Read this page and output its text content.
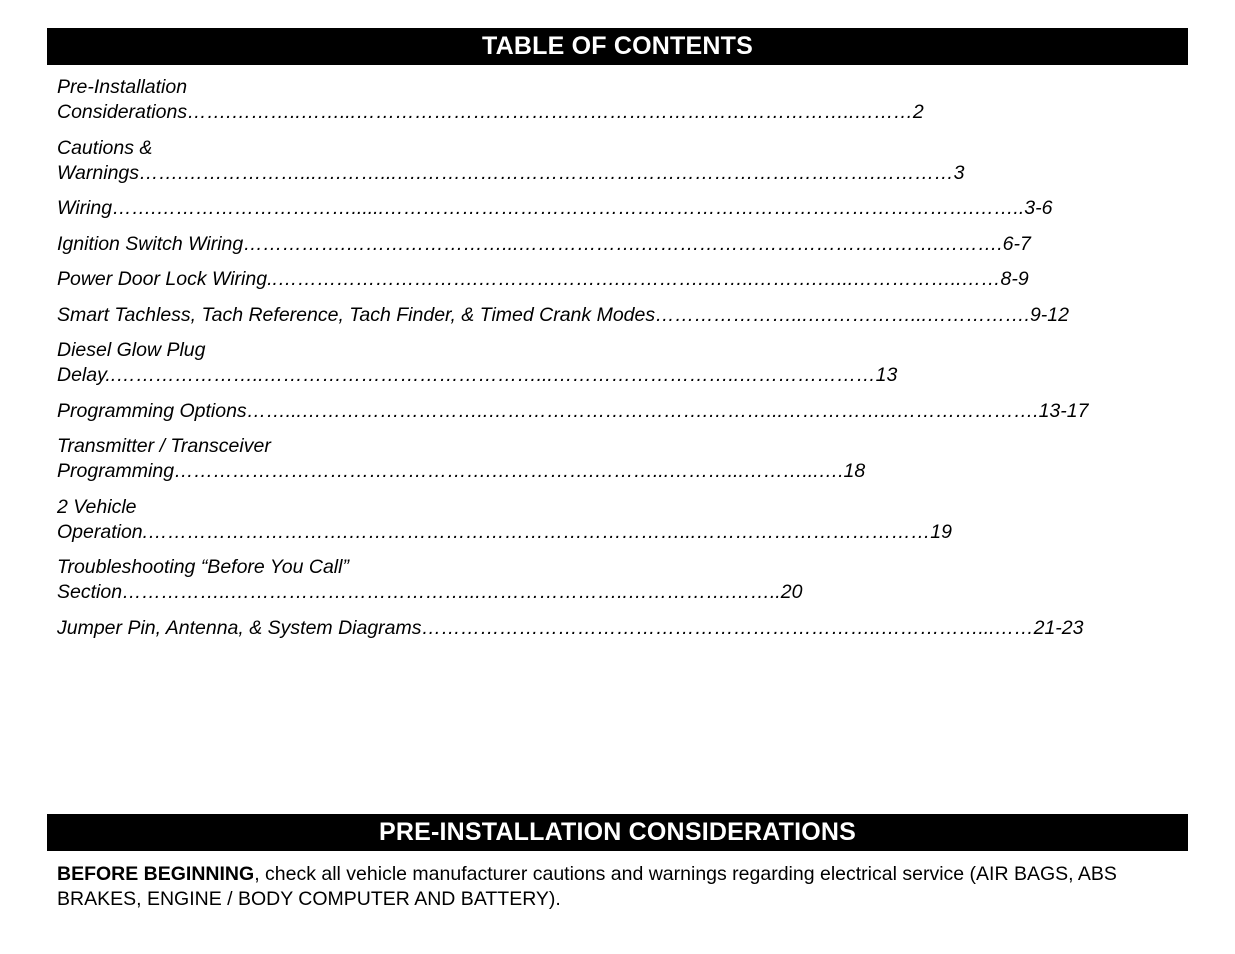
TABLE OF CONTENTS
Pre-Installation
Considerations…….………..……...…………………………………………………………………..………2
Cautions &
Warnings…….………………...….……...….…………………………………………………………….…………3
Wiring…….…………………………......……………………………………………………………………………….……..3-6
Ignition Switch Wiring…………….……………………...……………….……………………………………….……….6-7
Power Door Lock Wiring..………………………….………………….………….……..……….…...……………..……8-9
Smart Tachless, Tach Reference, Tach Finder, & Timed Crank Modes…………………...….…………...…………….9-12
Diesel Glow Plug
Delay..…………………..……………………………………...………………………..…………………13
Programming Options……...………………………..…………………………….………...……………...………………….13-17
Transmitter / Transceiver
Programming………………………………………….…………….………...………...………...….18
2 Vehicle
Operation.………………………….……………………………………………...………………………………19
Troubleshooting “Before You Call”
Section……………..………………………………...…………………..…………….……..20
Jumper Pin, Antenna, & System Diagrams……………………………………………………………..……………...……21-23
PRE-INSTALLATION CONSIDERATIONS
BEFORE BEGINNING, check all vehicle manufacturer cautions and warnings regarding electrical service (AIR BAGS, ABS BRAKES, ENGINE / BODY COMPUTER AND BATTERY).
